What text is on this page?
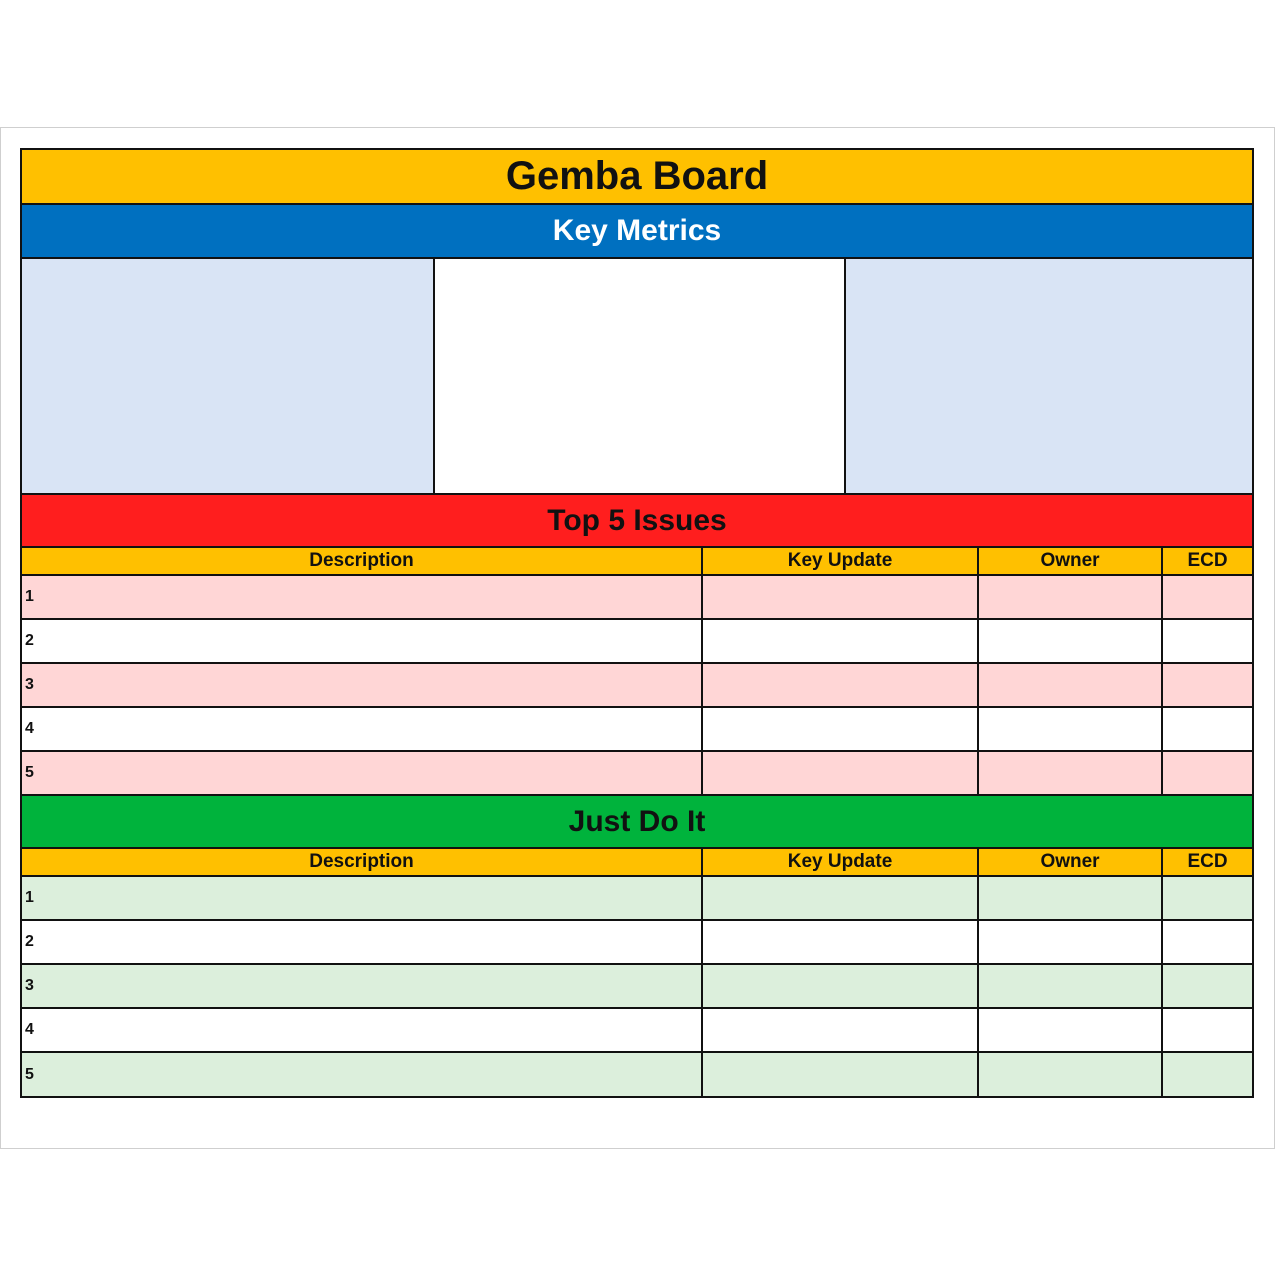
Gemba Board
Key Metrics
Top 5 Issues
Description	Key Update	Owner	ECD
1			
2			
3			
4			
5			
Just Do It
Description	Key Update	Owner	ECD
1			
2			
3			
4			
5			
